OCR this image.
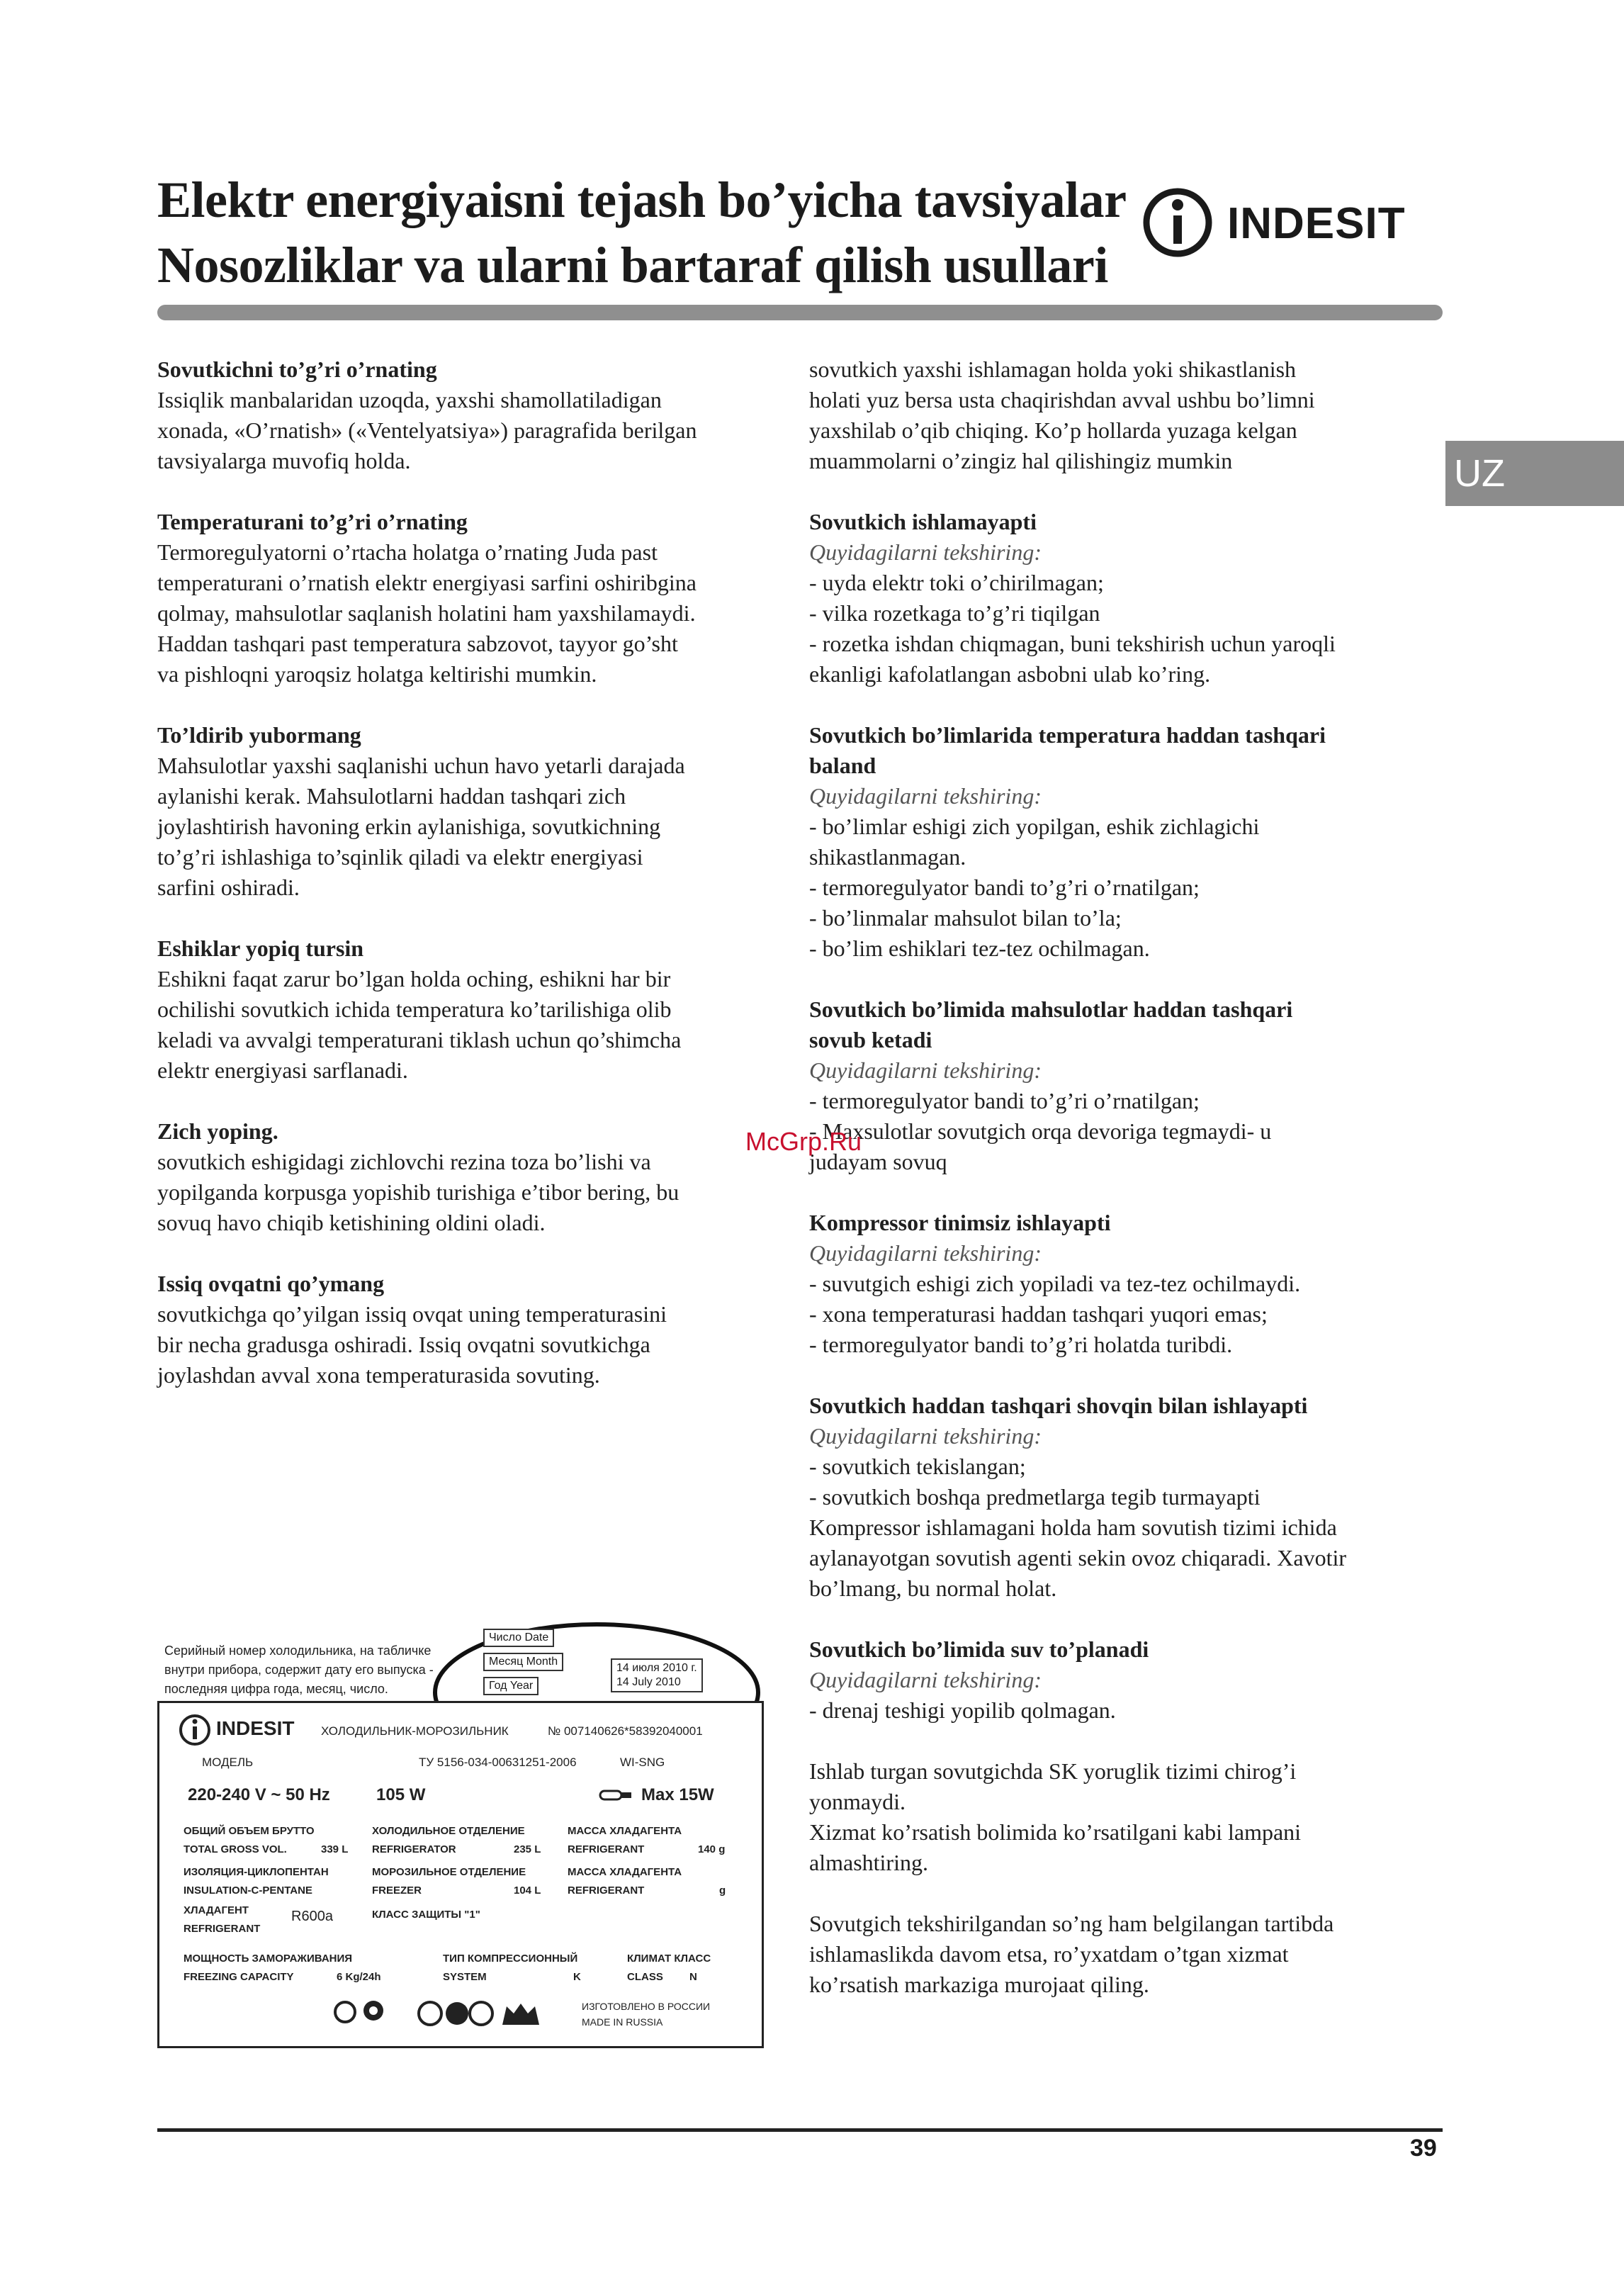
Elektr energiyaisni tejash bo’yicha tavsiyalar
Nosozliklar va ularni bartaraf qilish usullari
INDESIT
UZ
Sovutkichni to’g’ri o’rnating
Issiqlik manbalaridan uzoqda, yaxshi shamollatiladigan
xonada, «O’rnatish» («Ventelyatsiya») paragrafida berilgan
tavsiyalarga muvofiq holda.
Temperaturani to’g’ri o’rnating
Termoregulyatorni o’rtacha holatga o’rnating Juda past
temperaturani o’rnatish elektr energiyasi sarfini oshiribgina
qolmay, mahsulotlar saqlanish holatini ham yaxshilamaydi.
Haddan tashqari past temperatura sabzovot, tayyor go’sht
va pishloqni yaroqsiz holatga keltirishi mumkin.
To’ldirib yubormang
Mahsulotlar yaxshi saqlanishi uchun havo yetarli darajada
aylanishi kerak. Mahsulotlarni haddan tashqari zich
joylashtirish havoning erkin aylanishiga, sovutkichning
to’g’ri ishlashiga to’sqinlik qiladi va elektr energiyasi
sarfini oshiradi.
Eshiklar yopiq tursin
Eshikni faqat zarur bo’lgan holda oching, eshikni har bir
ochilishi sovutkich ichida temperatura ko’tarilishiga olib
keladi va avvalgi temperaturani tiklash uchun qo’shimcha
elektr energiyasi sarflanadi.
Zich yoping.
sovutkich eshigidagi zichlovchi rezina toza bo’lishi va
yopilganda korpusga yopishib turishiga e’tibor bering, bu
sovuq havo chiqib ketishining oldini oladi.
Issiq ovqatni qo’ymang
sovutkichga qo’yilgan issiq ovqat uning temperaturasini
bir necha gradusga oshiradi. Issiq ovqatni sovutkichga
joylashdan avval xona temperaturasida sovuting.
sovutkich yaxshi ishlamagan holda yoki shikastlanish
holati yuz bersa usta chaqirishdan avval ushbu bo’limni
yaxshilab o’qib chiqing. Ko’p hollarda yuzaga kelgan
muammolarni o’zingiz hal qilishingiz mumkin
Sovutkich ishlamayapti
Quyidagilarni tekshiring:
- uyda elektr toki o’chirilmagan;
- vilka rozetkaga to’g’ri tiqilgan
- rozetka ishdan chiqmagan, buni tekshirish uchun yaroqli
ekanligi kafolatlangan asbobni ulab ko’ring.
Sovutkich bo’limlarida temperatura haddan tashqari
baland
Quyidagilarni tekshiring:
- bo’limlar eshigi zich yopilgan, eshik zichlagichi
shikastlanmagan.
- termoregulyator bandi to’g’ri o’rnatilgan;
- bo’linmalar mahsulot bilan to’la;
- bo’lim eshiklari tez-tez ochilmagan.
Sovutkich bo’limida mahsulotlar haddan tashqari
sovub ketadi
Quyidagilarni tekshiring:
- termoregulyator bandi to’g’ri o’rnatilgan;
- Maxsulotlar sovutgich orqa devoriga tegmaydi- u
judayam sovuq
Kompressor tinimsiz ishlayapti
Quyidagilarni tekshiring:
- suvutgich eshigi zich yopiladi va tez-tez ochilmaydi.
- xona temperaturasi haddan tashqari yuqori emas;
- termoregulyator bandi to’g’ri holatda turibdi.
Sovutkich haddan tashqari shovqin bilan ishlayapti
Quyidagilarni tekshiring:
- sovutkich tekislangan;
- sovutkich boshqa predmetlarga tegib turmayapti
Kompressor ishlamagani holda ham sovutish tizimi ichida
aylanayotgan sovutish agenti sekin ovoz chiqaradi. Xavotir
bo’lmang, bu normal holat.
Sovutkich bo’limida suv to’planadi
Quyidagilarni tekshiring:
- drenaj teshigi yopilib qolmagan.
Ishlab turgan sovutgichda SK yoruglik tizimi chirog’i
yonmaydi.
Xizmat ko’rsatish bolimida ko’rsatilgani kabi lampani
almashtiring.
Sovutgich tekshirilgandan so’ng ham belgilangan tartibda
ishlamaslikda davom etsa, ro’yxatdam o’tgan xizmat
ko’rsatish markaziga murojaat qiling.
McGrp.Ru
Серийный номер холодильника, на табличке
внутри прибора, содержит дату его выпуска -
последняя цифра года, месяц, число.
Число Date
Месяц Month
Год Year
14 июля 2010 г.
14 July 2010
INDESIT ХОЛОДИЛЬНИК-МОРОЗИЛЬНИК	№ 007140626*58392040001
МОДЕЛЬ	ТУ 5156-034-00631251-2006	WI-SNG
220-240 V ~ 50 Hz	105 W	Max 15W
ОБЩИЙ ОБЪЕМ БРУТТО
TOTAL GROSS VOL.	339 L
ХОЛОДИЛЬНОЕ ОТДЕЛЕНИЕ
REFRIGERATOR	235 L
МАССА ХЛАДАГЕНТА
REFRIGERANT	140 g
ИЗОЛЯЦИЯ-ЦИКЛОПЕНТАН
INSULATION-C-PENTANE
МОРОЗИЛЬНОЕ ОТДЕЛЕНИЕ
FREEZER	104 L
МАССА ХЛАДАГЕНТА
REFRIGERANT	g
ХЛАДАГЕНТ
REFRIGERANT
R600a	КЛАСС ЗАЩИТЫ "1"
МОЩНОСТЬ ЗАМОРАЖИВАНИЯ
FREEZING CAPACITY	6 Kg/24h
ТИП КОМПРЕССИОННЫЙ
SYSTEM	K
КЛИМАТ КЛАСС
CLASS N
ИЗГОТОВЛЕНО В РОССИИ
MADE IN RUSSIA
39
